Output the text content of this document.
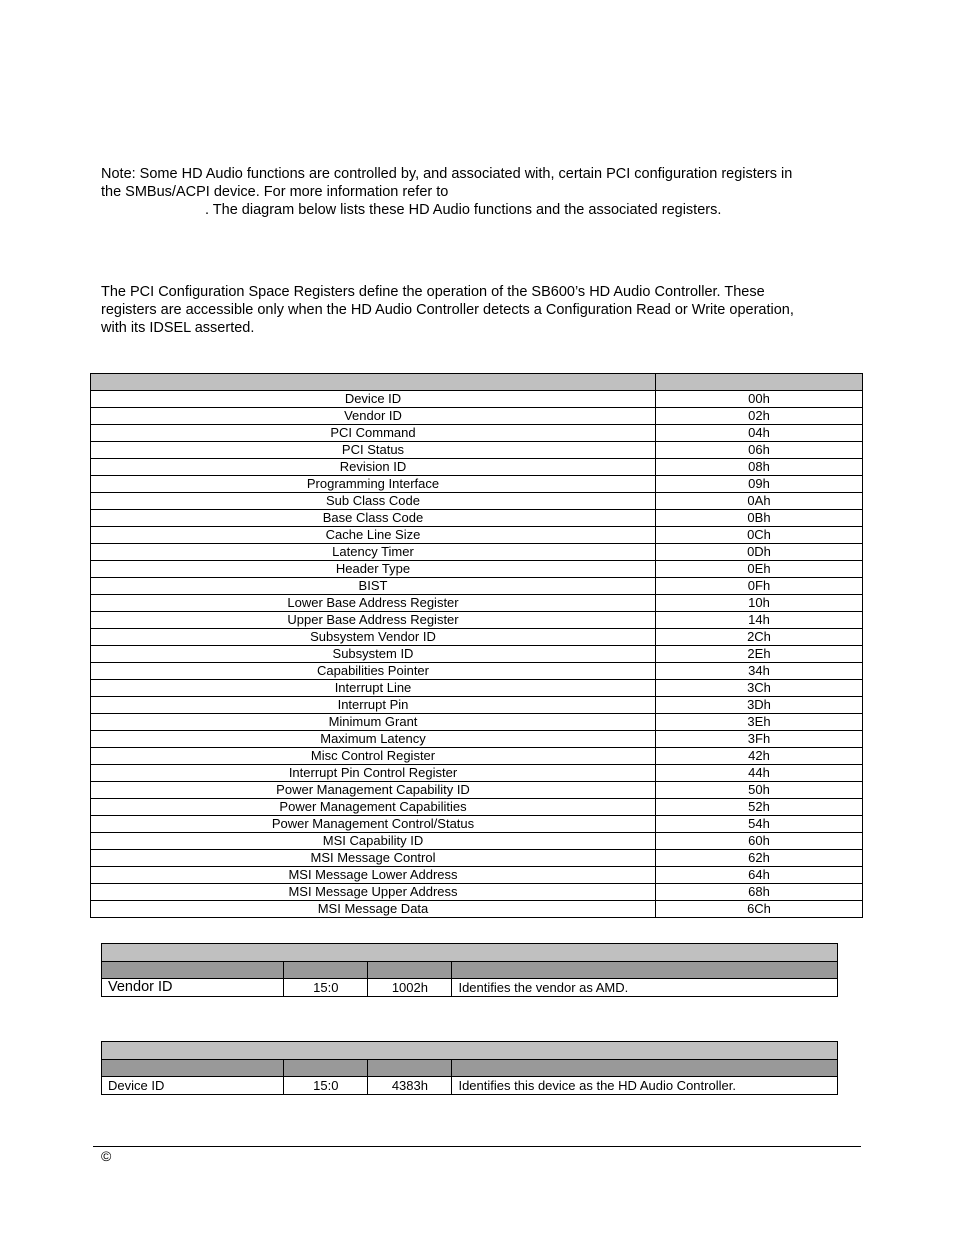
Note: Some HD Audio functions are controlled by, and associated with, certain PCI configuration registers in
the SMBus/ACPI device. For more information refer to
. The diagram below lists these HD Audio functions and the associated registers.

The PCI Configuration Space Registers define the operation of the SB600’s HD Audio Controller. These
registers are accessible only when the HD Audio Controller detects a Configuration Read or Write operation,
with its IDSEL asserted.

Device ID	00h
Vendor ID	02h
PCI Command	04h
PCI Status	06h
Revision ID	08h
Programming Interface	09h
Sub Class Code	0Ah
Base Class Code	0Bh
Cache Line Size	0Ch
Latency Timer	0Dh
Header Type	0Eh
BIST	0Fh
Lower Base Address Register	10h
Upper Base Address Register	14h
Subsystem Vendor ID	2Ch
Subsystem ID	2Eh
Capabilities Pointer	34h
Interrupt Line	3Ch
Interrupt Pin	3Dh
Minimum Grant	3Eh
Maximum Latency	3Fh
Misc Control Register	42h
Interrupt Pin Control Register	44h
Power Management Capability ID	50h
Power Management Capabilities	52h
Power Management Control/Status	54h
MSI Capability ID	60h
MSI Message Control	62h
MSI Message Lower Address	64h
MSI Message Upper Address	68h
MSI Message Data	6Ch

Vendor ID	15:0	1002h	Identifies the vendor as AMD.

Device ID	15:0	4383h	Identifies this device as the HD Audio Controller.
©
